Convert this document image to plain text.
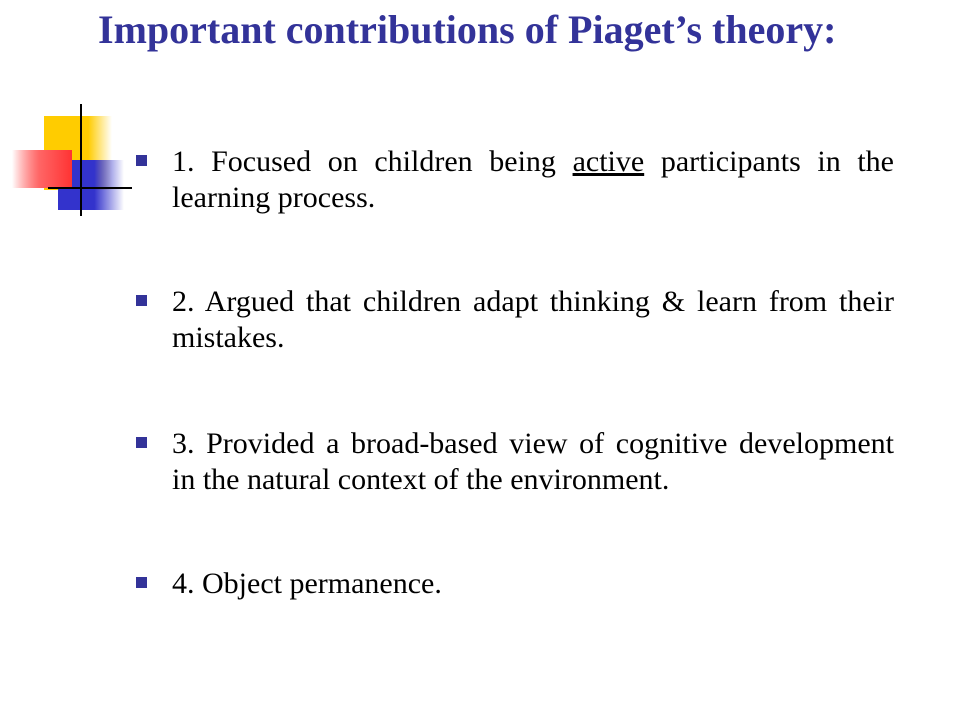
Important contributions of Piaget’s theory:
1. Focused on children being active participants in the learning process.
2. Argued that children adapt thinking & learn from their mistakes.
3. Provided a broad-based view of cognitive development in the natural context of the environment.
4. Object permanence.
